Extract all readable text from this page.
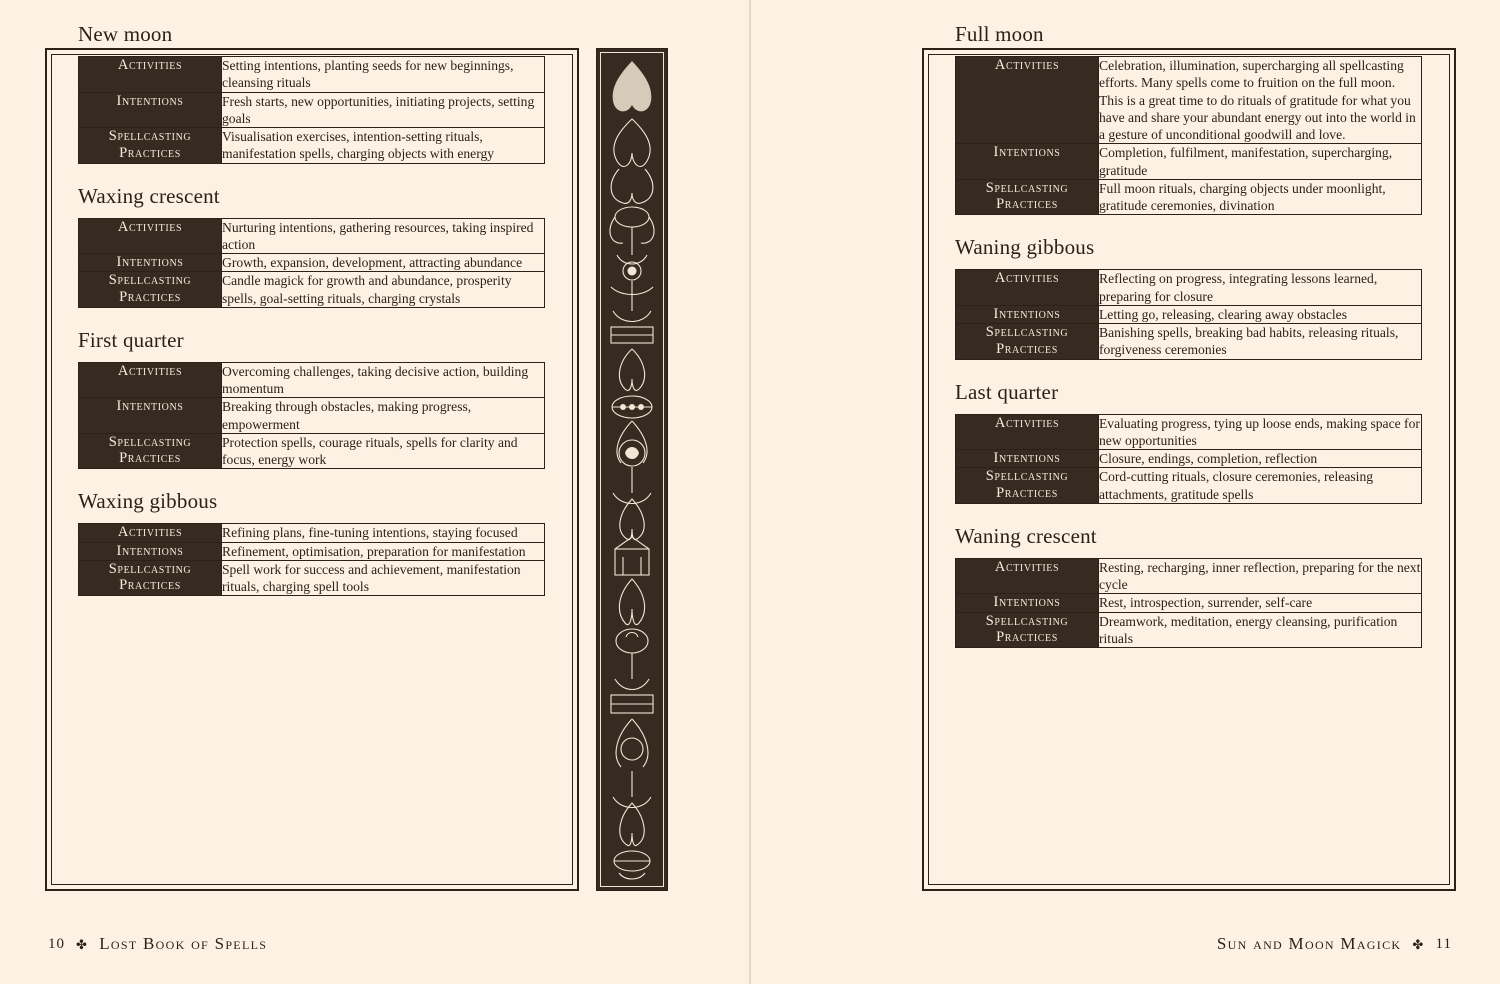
New moon
Activities	Setting intentions, planting seeds for new beginnings, cleansing rituals
Intentions	Fresh starts, new opportunities, initiating projects, setting goals

Spellcasting
Practices	Visualisation exercises, intention-setting rituals, manifestation spells, charging objects with energy
Waxing crescent
Activities	Nurturing intentions, gathering resources, taking inspired action
Intentions	Growth, expansion, development, attracting abundance

Spellcasting
Practices	Candle magick for growth and abundance, prosperity spells, goal-setting rituals, charging crystals
First quarter
Activities	Overcoming challenges, taking decisive action, building momentum
Intentions	Breaking through obstacles, making progress, empowerment

Spellcasting
Practices	Protection spells, courage rituals, spells for clarity and focus, energy work
Waxing gibbous
Activities	Refining plans, fine-tuning intentions, staying focused
Intentions	Refinement, optimisation, preparation for manifestation

Spellcasting
Practices	Spell work for success and achievement, manifestation rituals, charging spell tools
10 ✤ Lost Book of Spells
Full moon
Activities	Celebration, illumination, supercharging all spellcasting efforts. Many spells come to fruition on the full moon. This is a great time to do rituals of gratitude for what you have and share your abundant energy out into the world in a gesture of unconditional goodwill and love.
Intentions	Completion, fulfilment, manifestation, supercharging, gratitude

Spellcasting
Practices	Full moon rituals, charging objects under moonlight, gratitude ceremonies, divination
Waning gibbous
Activities	Reflecting on progress, integrating lessons learned, preparing for closure
Intentions	Letting go, releasing, clearing away obstacles

Spellcasting
Practices	Banishing spells, breaking bad habits, releasing rituals, forgiveness ceremonies
Last quarter
Activities	Evaluating progress, tying up loose ends, making space for new opportunities
Intentions	Closure, endings, completion, reflection

Spellcasting
Practices	Cord-cutting rituals, closure ceremonies, releasing attachments, gratitude spells
Waning crescent
Activities	Resting, recharging, inner reflection, preparing for the next cycle
Intentions	Rest, introspection, surrender, self-care

Spellcasting
Practices	Dreamwork, meditation, energy cleansing, purification rituals
Sun and Moon Magick ✤ 11
